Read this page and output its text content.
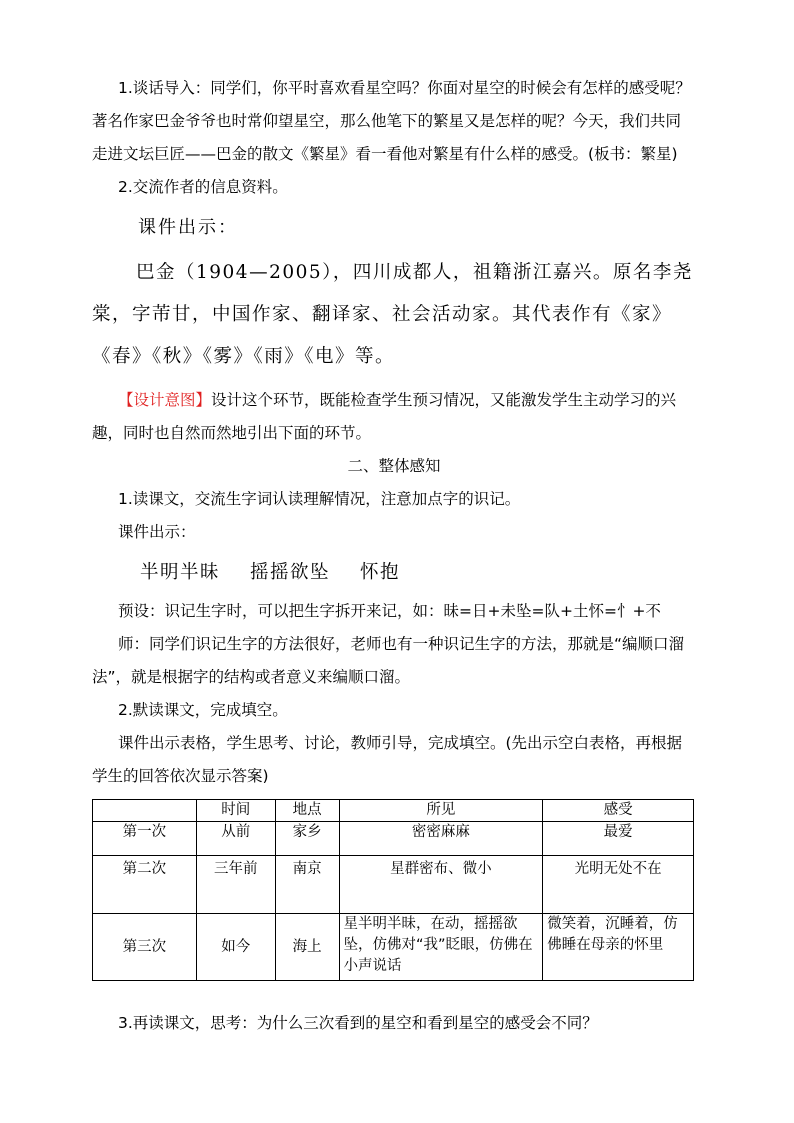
1.谈话导入：同学们，你平时喜欢看星空吗？你面对星空的时候会有怎样的感受呢？著名作家巴金爷爷也时常仰望星空，那么他笔下的繁星又是怎样的呢？今天，我们共同走进文坛巨匠——巴金的散文《繁星》看一看他对繁星有什么样的感受。(板书：繁星)

2.交流作者的信息资料。

课件出示：

巴金（1904—2005），四川成都人，祖籍浙江嘉兴。原名李尧棠，字芾甘，中国作家、翻译家、社会活动家。其代表作有《家》《春》《秋》《雾》《雨》《电》等。

【设计意图】设计这个环节，既能检查学生预习情况，又能激发学生主动学习的兴趣，同时也自然而然地引出下面的环节。

二、整体感知

1.读课文，交流生字词认读理解情况，注意加点字的识记。

课件出示：

半明半昧 摇摇欲坠 怀抱

预设：识记生字时，可以把生字拆开来记，如：昧=日+未坠=队+土怀=忄+不

师：同学们识记生字的方法很好，老师也有一种识记生字的方法，那就是“编顺口溜法”，就是根据字的结构或者意义来编顺口溜。

2.默读课文，完成填空。

课件出示表格，学生思考、讨论，教师引导，完成填空。(先出示空白表格，再根据学生的回答依次显示答案)

	时间	地点	所见	感受
第一次	从前	家乡	密密麻麻	最爱
第二次	三年前	南京	星群密布、微小	光明无处不在
第三次	如今	海上	星半明半昧，在动，摇摇欲坠，仿佛对“我”眨眼，仿佛在小声说话	微笑着，沉睡着，仿佛睡在母亲的怀里

3.再读课文，思考：为什么三次看到的星空和看到星空的感受会不同？
